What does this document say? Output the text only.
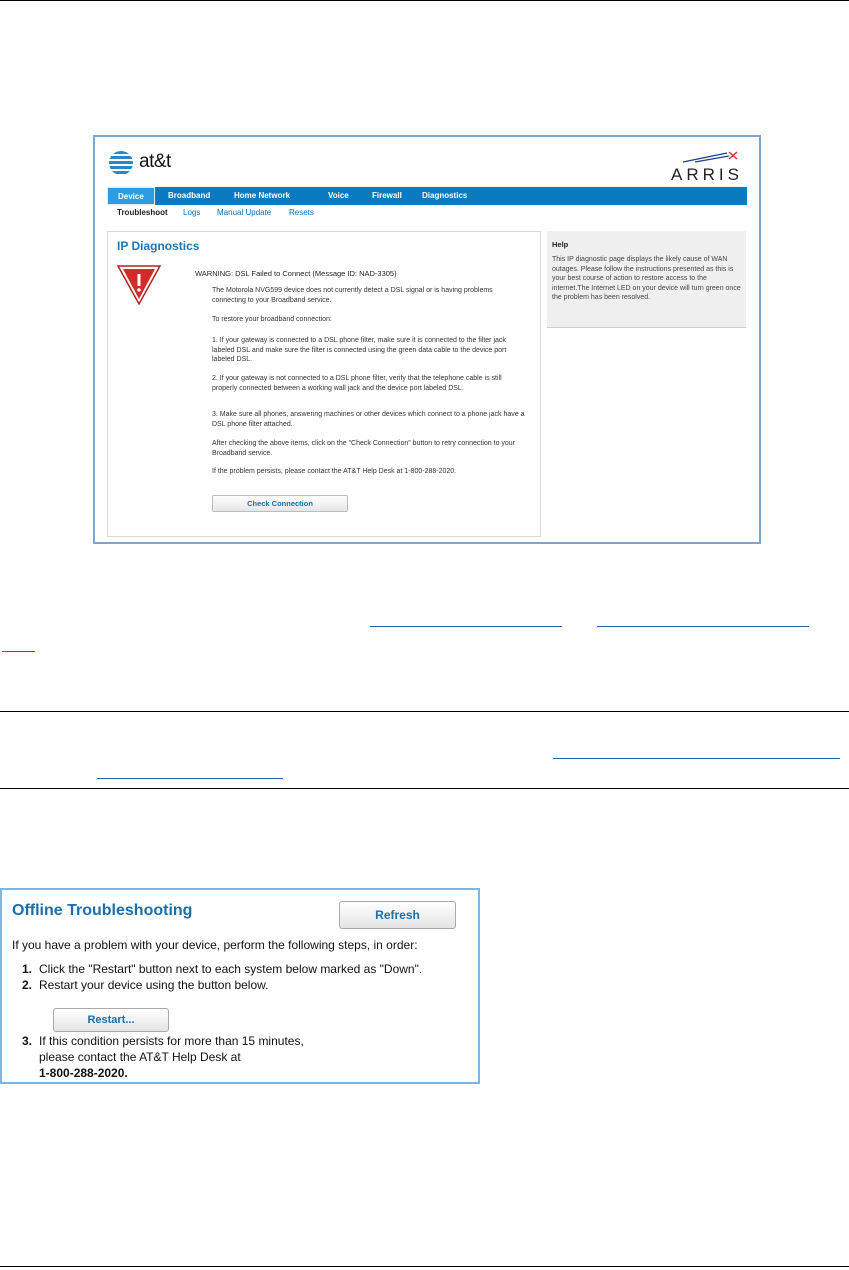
at&t
ARRIS
Device	Broadband	Home Network	Voice	Firewall	Diagnostics
Troubleshoot Logs Manual Update Resets
IP Diagnostics
WARNING: DSL Failed to Connect (Message ID: NAD-3305)
The Motorola NVG599 device does not currently detect a DSL signal or is having problems connecting to your Broadband service.
To restore your broadband connection:
1. If your gateway is connected to a DSL phone filter, make sure it is connected to the filter jack labeled DSL and make sure the filter is connected using the green data cable to the device port labeled DSL.
2. If your gateway is not connected to a DSL phone filter, verify that the telephone cable is still properly connected between a working wall jack and the device port labeled DSL.
3. Make sure all phones, answering machines or other devices which connect to a phone jack have a DSL phone filter attached.
After checking the above items, click on the "Check Connection" button to retry connection to your Broadband service.
If the problem persists, please contact the AT&T Help Desk at 1-800-288-2020.
Check Connection
Help
This IP diagnostic page displays the likely cause of WAN outages. Please follow the instructions presented as this is your best course of action to restore access to the internet.The Internet LED on your device will turn green once the problem has been resolved.
Offline Troubleshooting	Refresh
If you have a problem with your device, perform the following steps, in order:
1. Click the "Restart" button next to each system below marked as "Down".
2. Restart your device using the button below.
Restart...
3. If this condition persists for more than 15 minutes,
please contact the AT&T Help Desk at
1-800-288-2020.
